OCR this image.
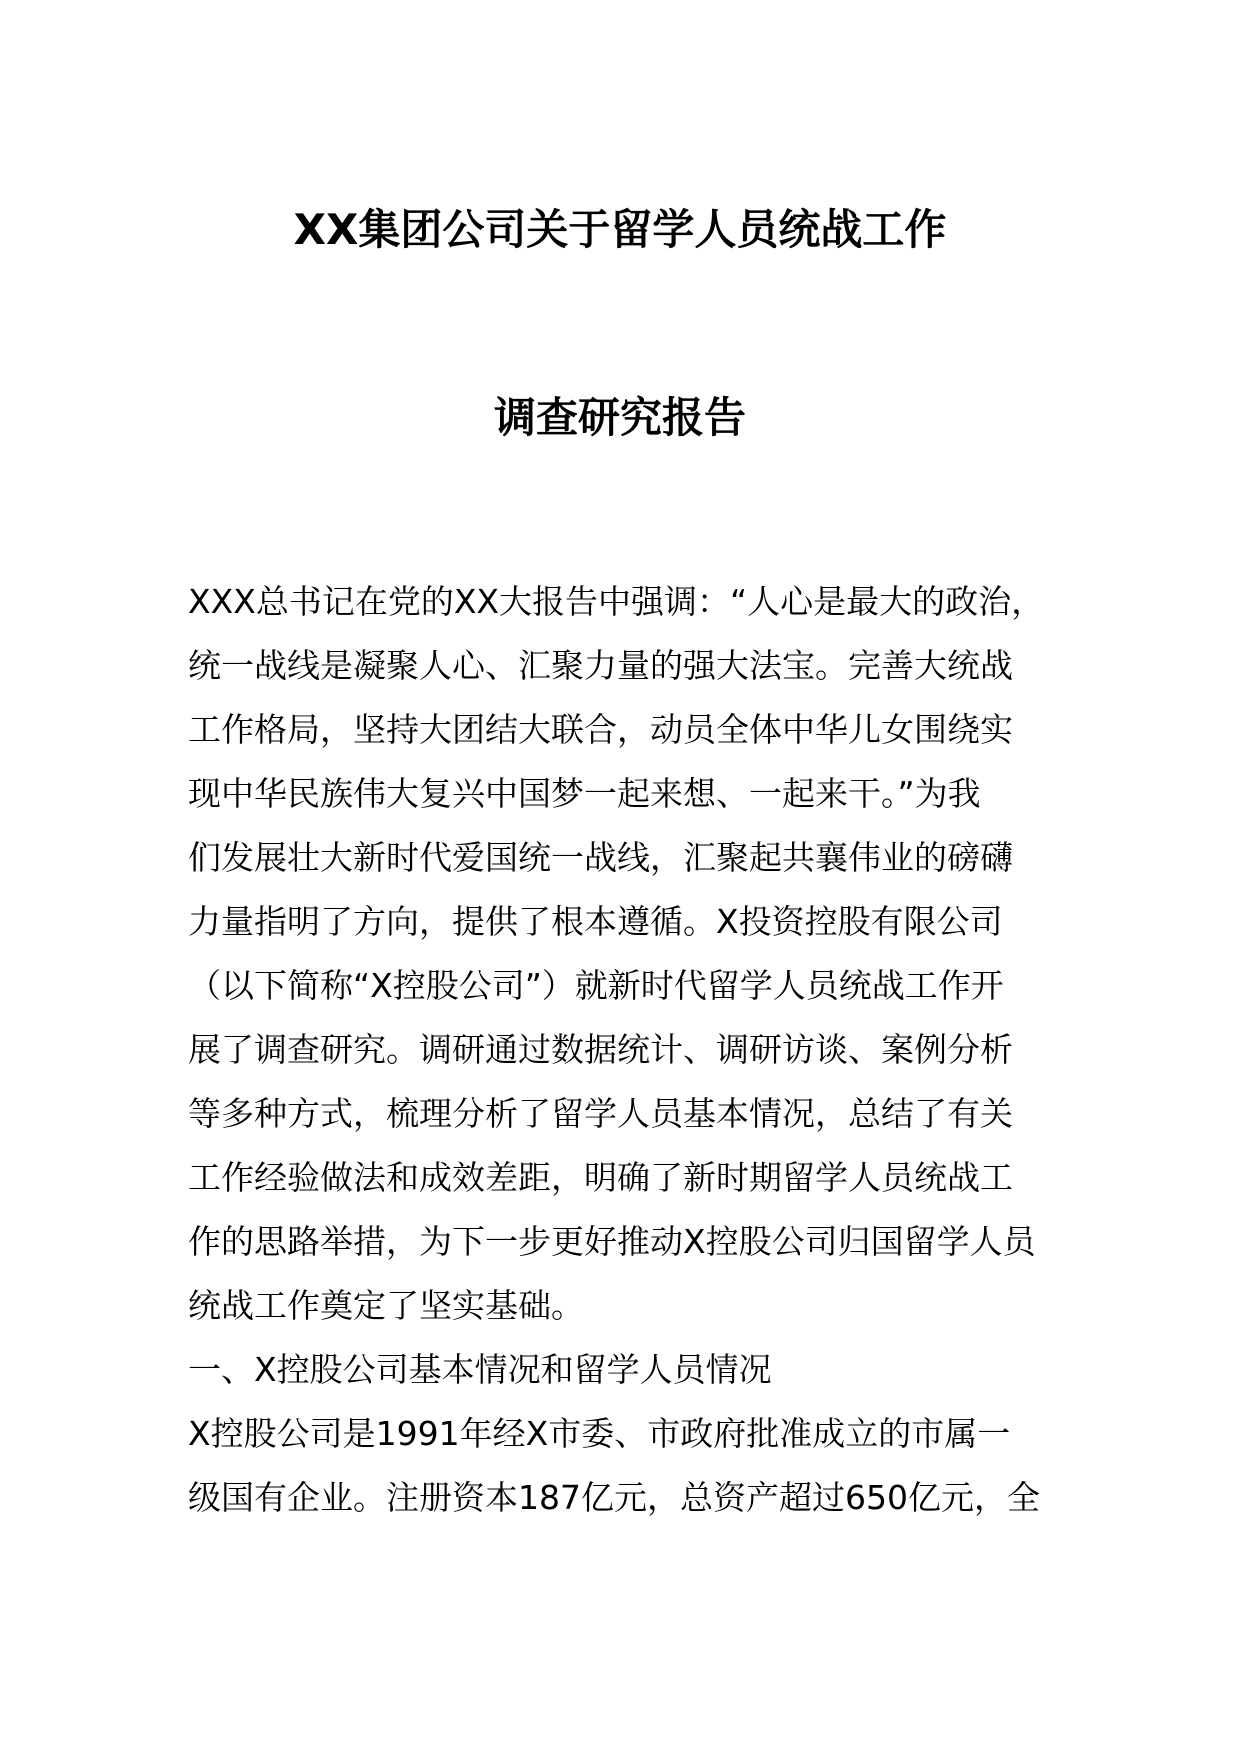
XX集团公司关于留学人员统战工作
调查研究报告

XXX总书记在党的XX大报告中强调：“人心是最大的政治，

统一战线是凝聚人心、汇聚力量的强大法宝。完善大统战

工作格局，坚持大团结大联合，动员全体中华儿女围绕实

现中华民族伟大复兴中国梦一起来想、一起来干。”为我

们发展壮大新时代爱国统一战线，汇聚起共襄伟业的磅礴

力量指明了方向，提供了根本遵循。X投资控股有限公司

（以下简称“X控股公司”）就新时代留学人员统战工作开

展了调查研究。调研通过数据统计、调研访谈、案例分析

等多种方式，梳理分析了留学人员基本情况，总结了有关

工作经验做法和成效差距，明确了新时期留学人员统战工

作的思路举措，为下一步更好推动X控股公司归国留学人员

统战工作奠定了坚实基础。

一、X控股公司基本情况和留学人员情况

X控股公司是1991年经X市委、市政府批准成立的市属一

级国有企业。注册资本187亿元，总资产超过650亿元，全
